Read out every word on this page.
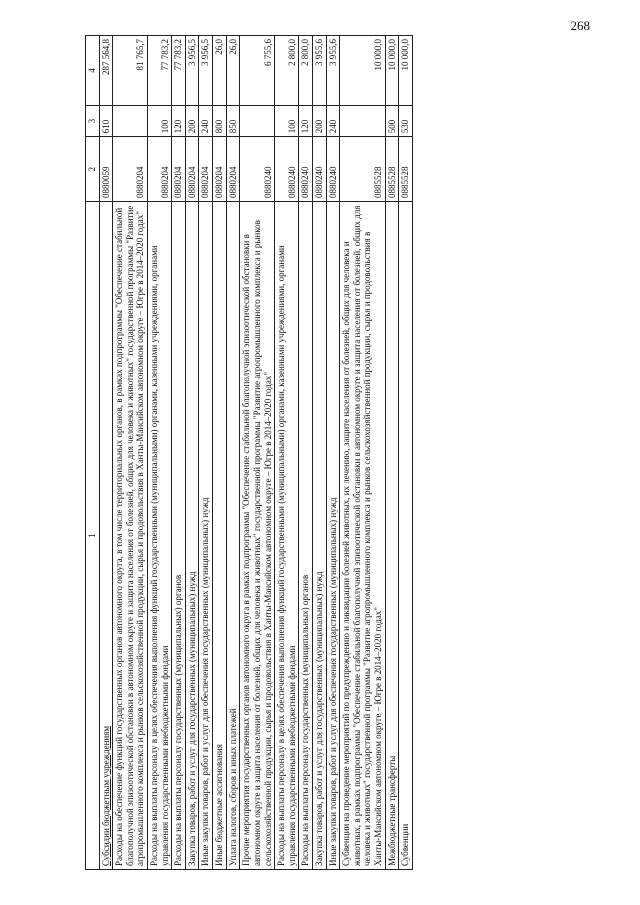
268
1	2	3	4
Субсидии бюджетным учреждениям	0880059	610	287 564,8
Расходы на обеспечение функций государственных органов автономного округа, в том числе территориальных органов, в рамках подпрограммы "Обеспечение стабильной благополучной эпизоотической обстановки в автономном округе и защита населения от болезней, общих для человека и животных" государственной программы "Развитие агропромышленного комплекса и рынков сельскохозяйственной продукции, сырья и продовольствия в Ханты-Мансийском автономном округе – Югре в 2014–2020 годах"	0880204		81 765,7
Расходы на выплаты персоналу в целях обеспечения выполнения функций государственными (муниципальными) органами, казенными учреждениями, органами управления государственными внебюджетными фондами	0880204	100	77 783,2
Расходы на выплаты персоналу государственных (муниципальных) органов	0880204	120	77 783,2
Закупка товаров, работ и услуг для государственных (муниципальных) нужд	0880204	200	3 956,5
Иные закупки товаров, работ и услуг для обеспечения государственных (муниципальных) нужд	0880204	240	3 956,5
Иные бюджетные ассигнования	0880204	800	26,0
Уплата налогов, сборов и иных платежей	0880204	850	26,0
Прочие мероприятия государственных органов автономного округа в рамках подпрограммы "Обеспечение стабильной благополучной эпизоотической обстановки в автономном округе и защита населения от болезней, общих для человека и животных" государственной программы "Развитие агропромышленного комплекса и рынков сельскохозяйственной продукции, сырья и продовольствия в Ханты-Мансийском автономном округе – Югре в 2014–2020 годах"	0880240		6 755,6
Расходы на выплаты персоналу в целях обеспечения выполнения функций государственными (муниципальными) органами, казенными учреждениями, органами управления государственными внебюджетными фондами	0880240	100	2 800,0
Расходы на выплаты персоналу государственных (муниципальных) органов	0880240	120	2 800,0
Закупка товаров, работ и услуг для государственных (муниципальных) нужд	0880240	200	3 955,6
Иные закупки товаров, работ и услуг для обеспечения государственных (муниципальных) нужд	0880240	240	3 955,6
Субвенции на проведение мероприятий по предупреждению и ликвидации болезней животных, их лечению, защите населения от болезней, общих для человека и животных, в рамках подпрограммы "Обеспечение стабильной благополучной эпизоотической обстановки в автономном округе и защита населения от болезней, общих для человека и животных" государственной программы "Развитие агропромышленного комплекса и рынков сельскохозяйственной продукции, сырья и продовольствия в Ханты-Мансийском автономном округе – Югре в 2014–2020 годах"	0885528		10 000,0
Межбюджетные трансферты	0885528	500	10 000,0
Субвенции	0885528	530	10 000,0
